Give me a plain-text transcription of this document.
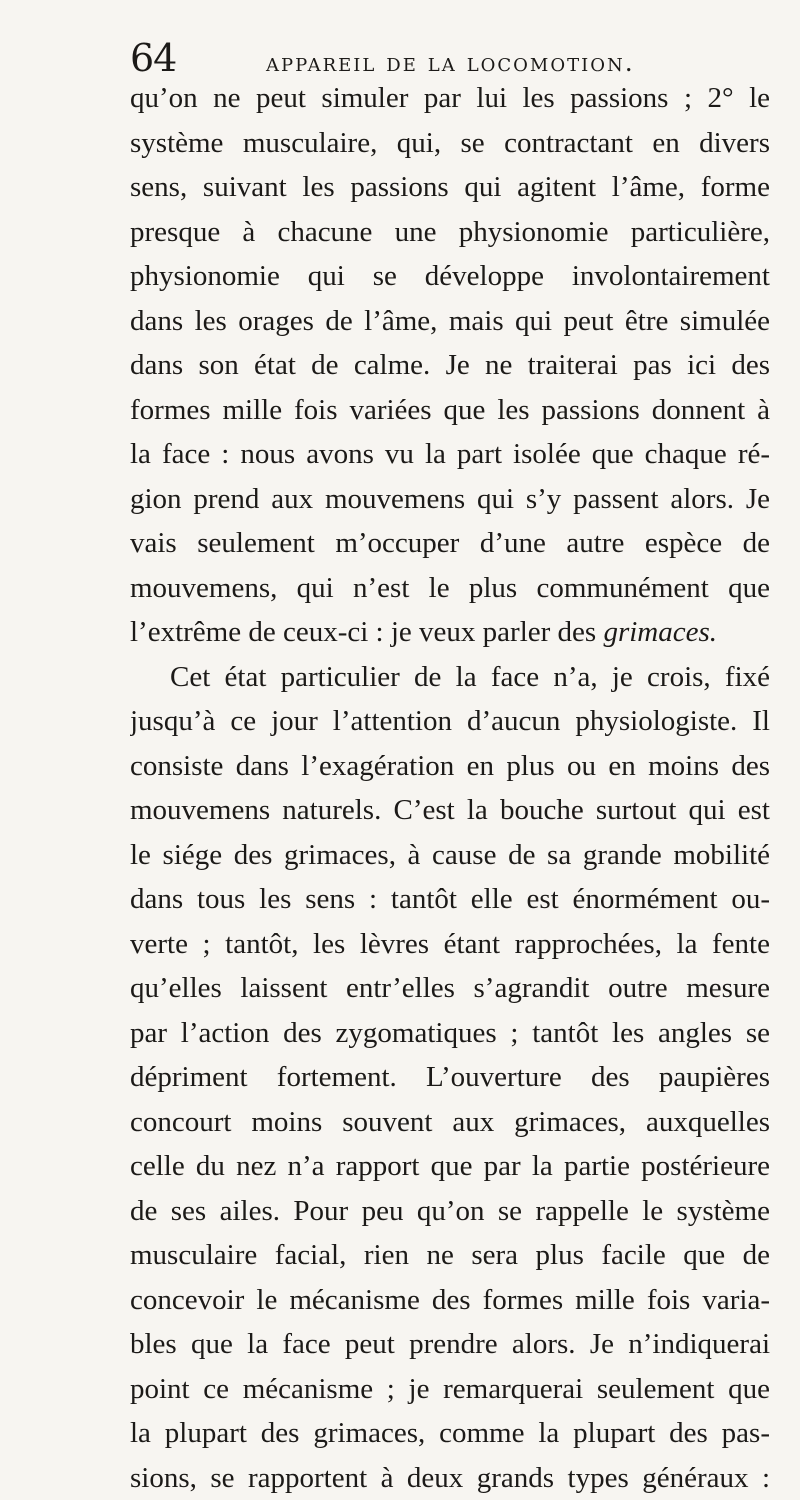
64	appareil de la locomotion.
qu’on ne peut simuler par lui les passions ; 2° le
système musculaire, qui, se contractant en divers
sens, suivant les passions qui agitent l’âme, forme
presque à chacune une physionomie particulière,
physionomie qui se développe involontairement
dans les orages de l’âme, mais qui peut être simulée
dans son état de calme. Je ne traiterai pas ici des
formes mille fois variées que les passions donnent à
la face : nous avons vu la part isolée que chaque ré-
gion prend aux mouvemens qui s’y passent alors. Je
vais seulement m’occuper d’une autre espèce de
mouvemens, qui n’est le plus communément que
l’extrême de ceux-ci : je veux parler des grimaces.
Cet état particulier de la face n’a, je crois, fixé
jusqu’à ce jour l’attention d’aucun physiologiste. Il
consiste dans l’exagération en plus ou en moins des
mouvemens naturels. C’est la bouche surtout qui est
le siége des grimaces, à cause de sa grande mobilité
dans tous les sens : tantôt elle est énormément ou-
verte ; tantôt, les lèvres étant rapprochées, la fente
qu’elles laissent entr’elles s’agrandit outre mesure
par l’action des zygomatiques ; tantôt les angles se
dépriment fortement. L’ouverture des paupières
concourt moins souvent aux grimaces, auxquelles
celle du nez n’a rapport que par la partie postérieure
de ses ailes. Pour peu qu’on se rappelle le système
musculaire facial, rien ne sera plus facile que de
concevoir le mécanisme des formes mille fois varia-
bles que la face peut prendre alors. Je n’indiquerai
point ce mécanisme ; je remarquerai seulement que
la plupart des grimaces, comme la plupart des pas-
sions, se rapportent à deux grands types généraux :
